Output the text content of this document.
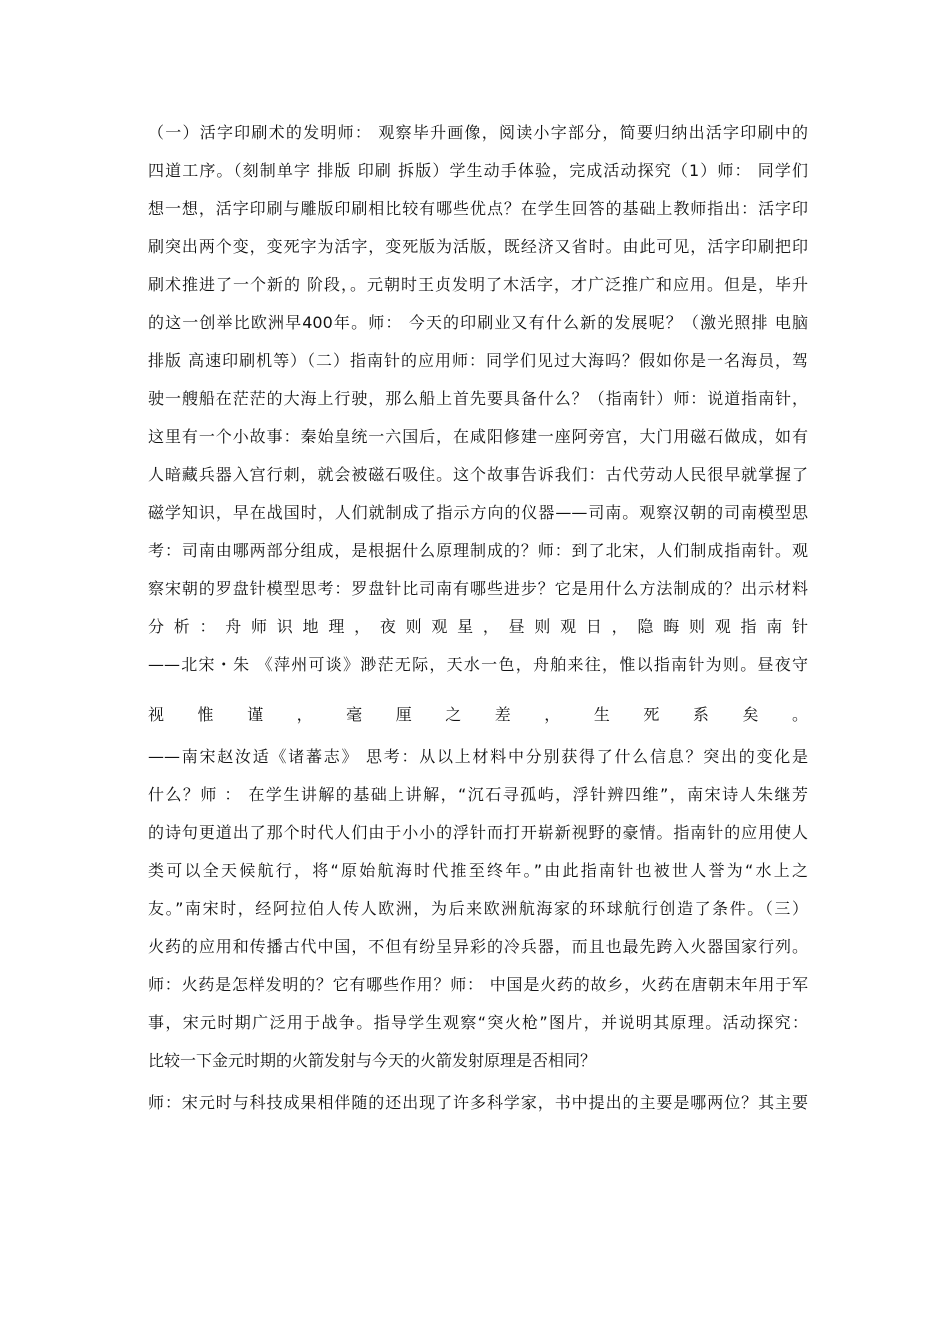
（一）活字印刷术的发明师： 观察毕升画像，阅读小字部分，简要归纳出活字印刷中的
四道工序。（刻制单字 排版 印刷 拆版）学生动手体验，完成活动探究（1）师： 同学们
想一想，活字印刷与雕版印刷相比较有哪些优点？在学生回答的基础上教师指出：活字印
刷突出两个变，变死字为活字，变死版为活版，既经济又省时。由此可见，活字印刷把印
刷术推进了一个新的 阶段，。元朝时王贞发明了木活字，才广泛推广和应用。但是，毕升
的这一创举比欧洲早400年。师： 今天的印刷业又有什么新的发展呢？（激光照排 电脑
排版 高速印刷机等）（二）指南针的应用师：同学们见过大海吗？假如你是一名海员，驾
驶一艘船在茫茫的大海上行驶，那么船上首先要具备什么？（指南针）师：说道指南针，
这里有一个小故事：秦始皇统一六国后，在咸阳修建一座阿旁宫，大门用磁石做成，如有
人暗藏兵器入宫行刺，就会被磁石吸住。这个故事告诉我们：古代劳动人民很早就掌握了
磁学知识，早在战国时，人们就制成了指示方向的仪器——司南。观察汉朝的司南模型思
考：司南由哪两部分组成，是根据什么原理制成的？师：到了北宋，人们制成指南针。观
察宋朝的罗盘针模型思考：罗盘针比司南有哪些进步？它是用什么方法制成的？出示材料
分 析 ： 舟 师 识 地 理 ， 夜 则 观 星 ， 昼 则 观 日 ， 隐 晦 则 观 指 南 针
——北宋・朱 《萍州可谈》渺茫无际，天水一色，舟舶来往，惟以指南针为则。昼夜守
视 惟 谨 ， 毫 厘 之 差 ， 生 死 系 矣 。
——南宋赵汝适《诸蕃志》 思考：从以上材料中分别获得了什么信息？突出的变化是
什么？师 ： 在学生讲解的基础上讲解，“沉石寻孤屿，浮针辨四维”，南宋诗人朱继芳
的诗句更道出了那个时代人们由于小小的浮针而打开崭新视野的豪情。指南针的应用使人
类可以全天候航行，将“原始航海时代推至终年。”由此指南针也被世人誉为“水上之
友。”南宋时，经阿拉伯人传人欧洲，为后来欧洲航海家的环球航行创造了条件。（三）
火药的应用和传播古代中国，不但有纷呈异彩的冷兵器，而且也最先跨入火器国家行列。
师：火药是怎样发明的？它有哪些作用？师： 中国是火药的故乡，火药在唐朝末年用于军
事，宋元时期广泛用于战争。指导学生观察“突火枪”图片，并说明其原理。活动探究：
比较一下金元时期的火箭发射与今天的火箭发射原理是否相同？
师：宋元时与科技成果相伴随的还出现了许多科学家，书中提出的主要是哪两位？其主要
